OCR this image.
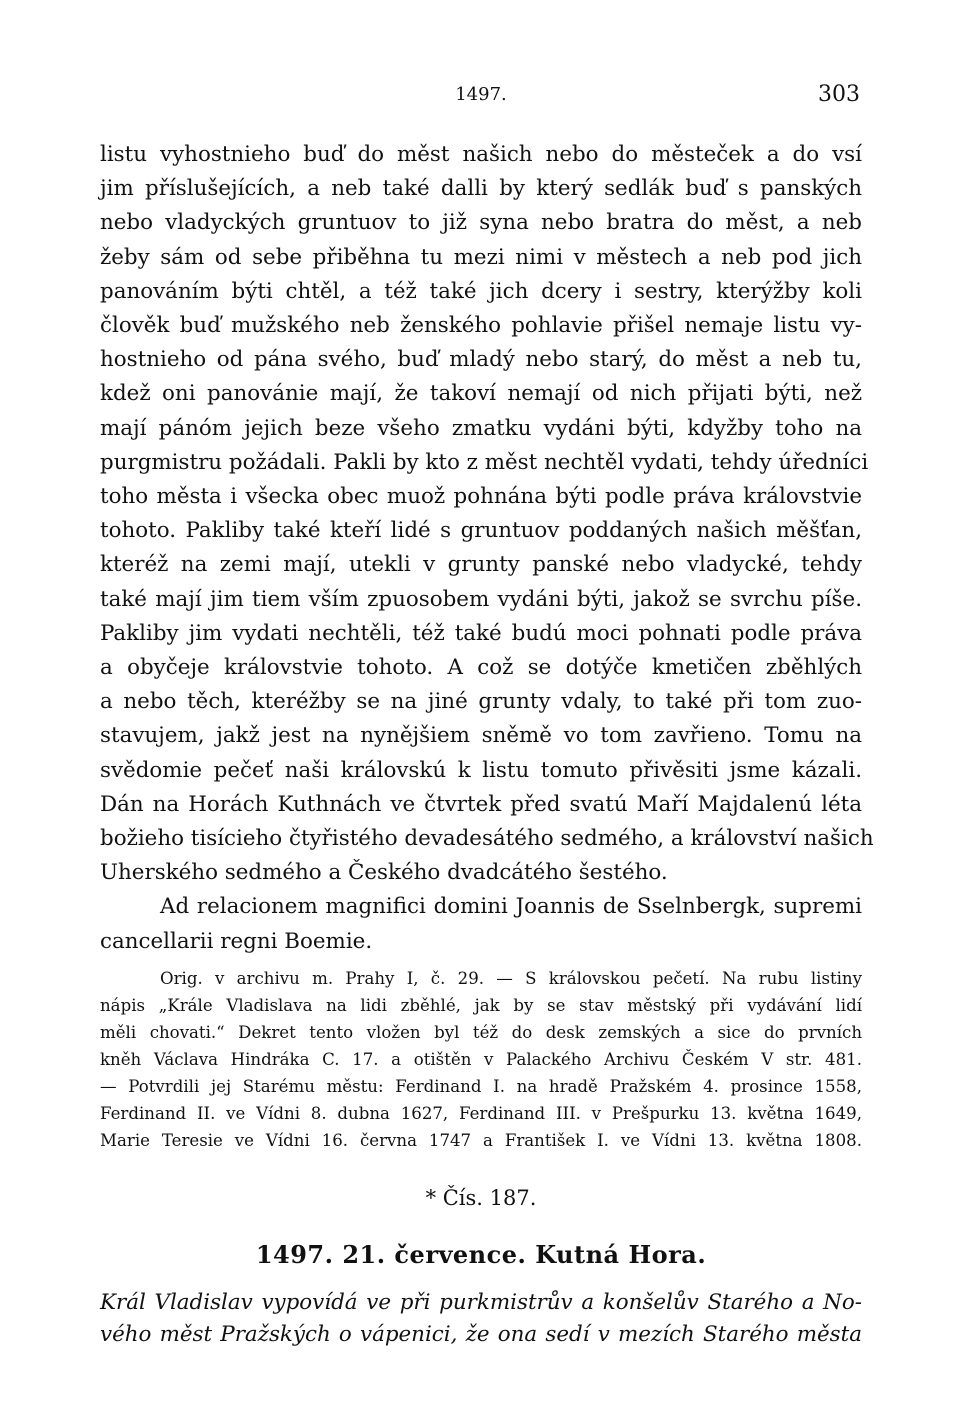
1497.	303
listu vyhostnieho buď do měst našich nebo do městeček a do vsí
jim příslušejících, a neb také dalli by který sedlák buď s panských
nebo vladyckých gruntuov to již syna nebo bratra do měst, a neb
žeby sám od sebe přiběhna tu mezi nimi v městech a neb pod jich
panováním býti chtěl, a též také jich dcery i sestry, kterýžby koli
člověk buď mužského neb ženského pohlavie přišel nemaje listu vy-
hostnieho od pána svého, buď mladý nebo starý, do měst a neb tu,
kdež oni panovánie mají, že takoví nemají od nich přijati býti, než
mají pánóm jejich beze všeho zmatku vydáni býti, kdyžby toho na
purgmistru požádali. Pakli by kto z měst nechtěl vydati, tehdy úředníci
toho města i všecka obec muož pohnána býti podle práva královstvie
tohoto. Pakliby také kteří lidé s gruntuov poddaných našich měšťan,
kteréž na zemi mají, utekli v grunty panské nebo vladycké, tehdy
také mají jim tiem vším zpuosobem vydáni býti, jakož se svrchu píše.
Pakliby jim vydati nechtěli, též také budú moci pohnati podle práva
a obyčeje královstvie tohoto. A což se dotýče kmetičen zběhlých
a nebo těch, kteréžby se na jiné grunty vdaly, to také při tom zuo-
stavujem, jakž jest na nynějšiem sněmě vo tom zavřieno. Tomu na
svědomie pečeť naši královskú k listu tomuto přivěsiti jsme kázali.
Dán na Horách Kuthnách ve čtvrtek před svatú Maří Majdalenú léta
božieho tisícieho čtyřistého devadesátého sedmého, a království našich
Uherského sedmého a Českého dvadcátého šestého.
Ad relacionem magnifici domini Joannis de Sselnbergk, supremi
cancellarii regni Boemie.
Orig. v archivu m. Prahy I, č. 29. — S královskou pečetí. Na rubu listiny
nápis „Krále Vladislava na lidi zběhlé, jak by se stav městský při vydávání lidí
měli chovati.“ Dekret tento vložen byl též do desk zemských a sice do prvních
kněh Václava Hindráka C. 17. a otištěn v Palackého Archivu Českém V str. 481.
— Potvrdili jej Starému městu: Ferdinand I. na hradě Pražském 4. prosince 1558,
Ferdinand II. ve Vídni 8. dubna 1627, Ferdinand III. v Prešpurku 13. května 1649,
Marie Teresie ve Vídni 16. června 1747 a František I. ve Vídni 13. května 1808.
* Čís. 187.
1497. 21. července. Kutná Hora.
Král Vladislav vypovídá ve při purkmistrův a konšelův Starého a No-
vého měst Pražských o vápenici, že ona sedí v mezích Starého města
